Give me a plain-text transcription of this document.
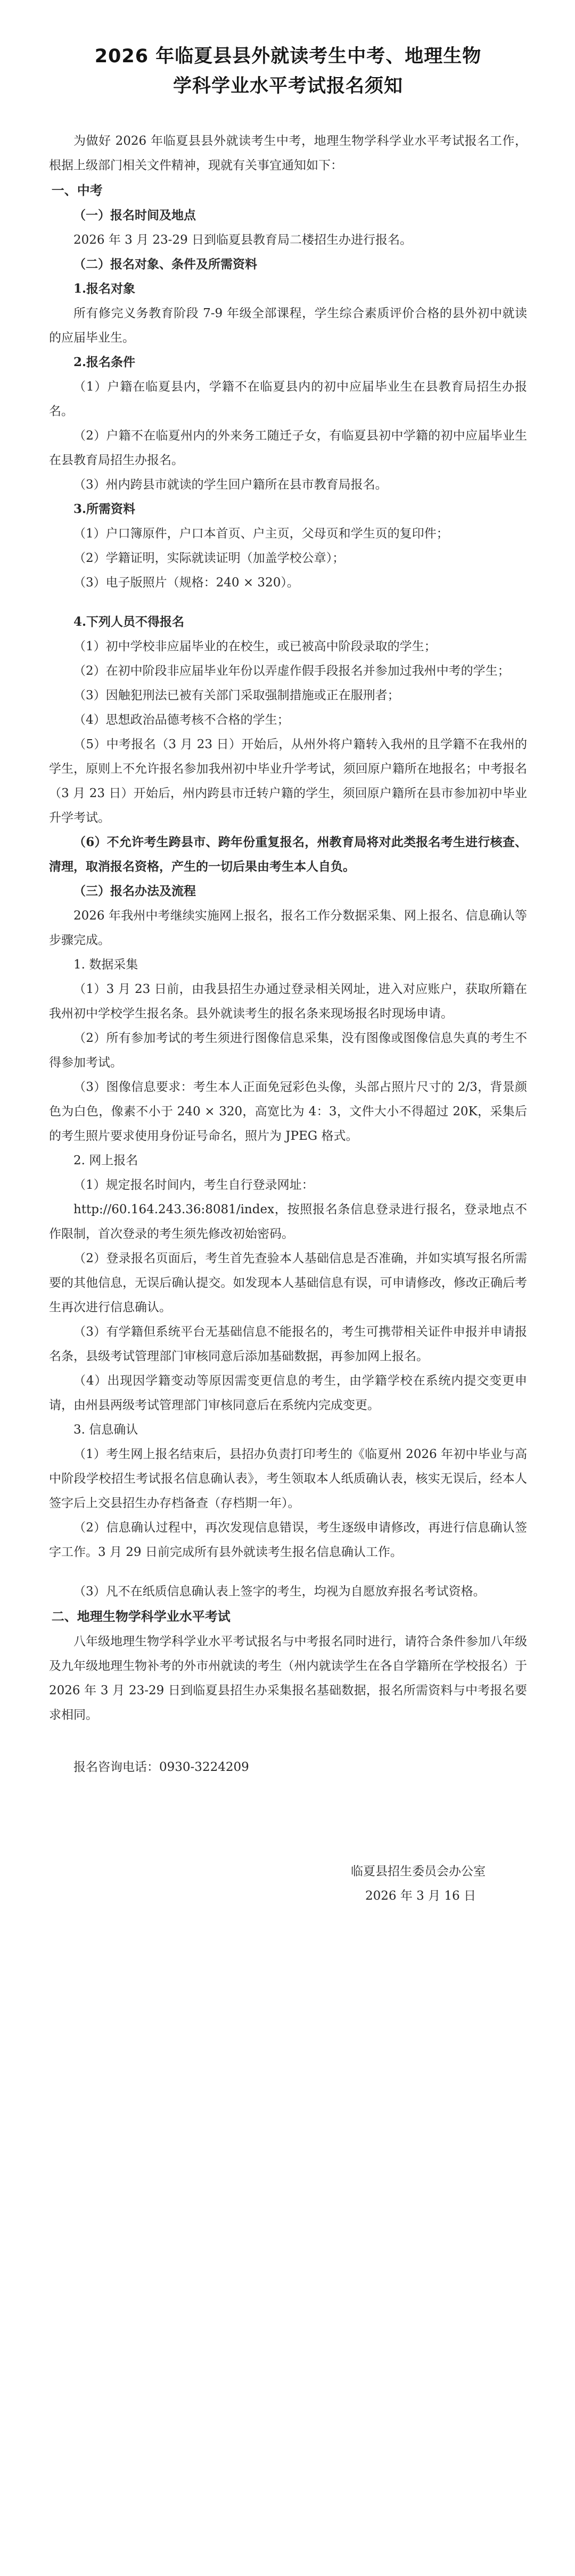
2026 年临夏县县外就读考生中考、地理生物
学科学业水平考试报名须知

为做好 2026 年临夏县县外就读考生中考，地理生物学科学业水平考试报名工作，根据上级部门相关文件精神，现就有关事宜通知如下：

一、中考

（一）报名时间及地点

2026 年 3 月 23-29 日到临夏县教育局二楼招生办进行报名。

（二）报名对象、条件及所需资料

1.报名对象

所有修完义务教育阶段 7-9 年级全部课程，学生综合素质评价合格的县外初中就读的应届毕业生。

2.报名条件

（1）户籍在临夏县内，学籍不在临夏县内的初中应届毕业生在县教育局招生办报名。

（2）户籍不在临夏州内的外来务工随迁子女，有临夏县初中学籍的初中应届毕业生在县教育局招生办报名。

（3）州内跨县市就读的学生回户籍所在县市教育局报名。

3.所需资料

（1）户口簿原件，户口本首页、户主页，父母页和学生页的复印件；

（2）学籍证明，实际就读证明（加盖学校公章）；

（3）电子版照片（规格：240 × 320）。

4.下列人员不得报名

（1）初中学校非应届毕业的在校生，或已被高中阶段录取的学生；

（2）在初中阶段非应届毕业年份以弄虚作假手段报名并参加过我州中考的学生；

（3）因触犯刑法已被有关部门采取强制措施或正在服刑者；

（4）思想政治品德考核不合格的学生；

（5）中考报名（3 月 23 日）开始后，从州外将户籍转入我州的且学籍不在我州的学生，原则上不允许报名参加我州初中毕业升学考试，须回原户籍所在地报名；中考报名（3 月 23 日）开始后，州内跨县市迁转户籍的学生，须回原户籍所在县市参加初中毕业升学考试。

（6）不允许考生跨县市、跨年份重复报名，州教育局将对此类报名考生进行核查、清理，取消报名资格，产生的一切后果由考生本人自负。

（三）报名办法及流程

2026 年我州中考继续实施网上报名，报名工作分数据采集、网上报名、信息确认等步骤完成。

1. 数据采集

（1）3 月 23 日前，由我县招生办通过登录相关网址，进入对应账户，获取所籍在我州初中学校学生报名条。县外就读考生的报名条来现场报名时现场申请。

（2）所有参加考试的考生须进行图像信息采集，没有图像或图像信息失真的考生不得参加考试。

（3）图像信息要求：考生本人正面免冠彩色头像，头部占照片尺寸的 2/3，背景颜色为白色，像素不小于 240 × 320，高宽比为 4：3，文件大小不得超过 20K，采集后的考生照片要求使用身份证号命名，照片为 JPEG 格式。

2. 网上报名

（1）规定报名时间内，考生自行登录网址：

http://60.164.243.36:8081/index，按照报名条信息登录进行报名，登录地点不作限制，首次登录的考生须先修改初始密码。

（2）登录报名页面后，考生首先查验本人基础信息是否准确，并如实填写报名所需要的其他信息，无误后确认提交。如发现本人基础信息有误，可申请修改，修改正确后考生再次进行信息确认。

（3）有学籍但系统平台无基础信息不能报名的，考生可携带相关证件申报并申请报名条，县级考试管理部门审核同意后添加基础数据，再参加网上报名。

（4）出现因学籍变动等原因需变更信息的考生，由学籍学校在系统内提交变更申请，由州县两级考试管理部门审核同意后在系统内完成变更。

3. 信息确认

（1）考生网上报名结束后，县招办负责打印考生的《临夏州 2026 年初中毕业与高中阶段学校招生考试报名信息确认表》，考生领取本人纸质确认表，核实无误后，经本人签字后上交县招生办存档备查（存档期一年）。

（2）信息确认过程中，再次发现信息错误，考生逐级申请修改，再进行信息确认签字工作。3 月 29 日前完成所有县外就读考生报名信息确认工作。

（3）凡不在纸质信息确认表上签字的考生，均视为自愿放弃报名考试资格。

二、地理生物学科学业水平考试

八年级地理生物学科学业水平考试报名与中考报名同时进行，请符合条件参加八年级及九年级地理生物补考的外市州就读的考生（州内就读学生在各自学籍所在学校报名）于 2026 年 3 月 23-29 日到临夏县招生办采集报名基础数据，报名所需资料与中考报名要求相同。

报名咨询电话：0930-3224209

临夏县招生委员会办公室

2026 年 3 月 16 日
